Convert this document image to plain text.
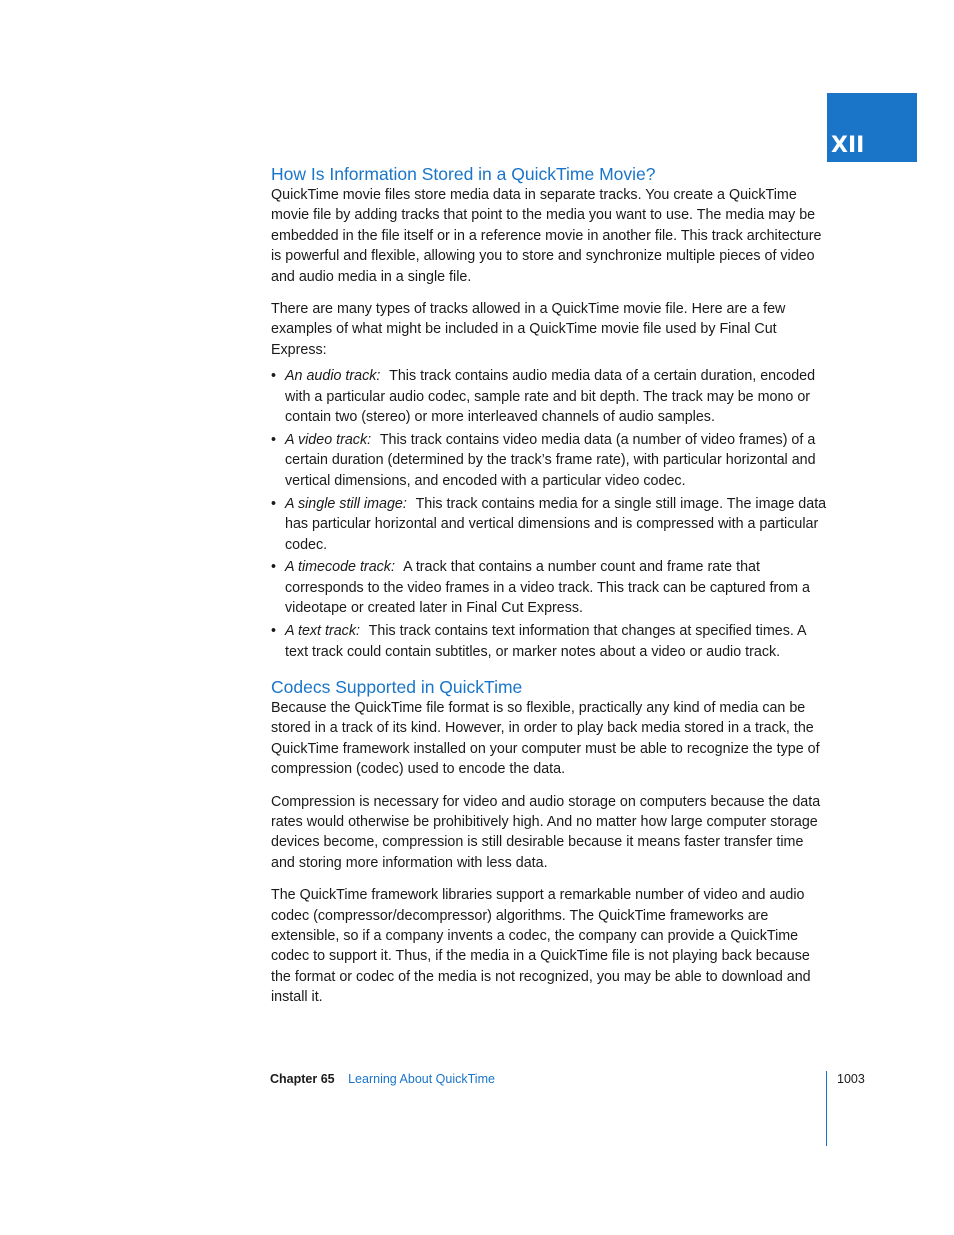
XII
How Is Information Stored in a QuickTime Movie?

QuickTime movie files store media data in separate tracks. You create a QuickTime movie file by adding tracks that point to the media you want to use. The media may be embedded in the file itself or in a reference movie in another file. This track architecture is powerful and flexible, allowing you to store and synchronize multiple pieces of video and audio media in a single file.

There are many types of tracks allowed in a QuickTime movie file. Here are a few examples of what might be included in a QuickTime movie file used by Final Cut Express:

• An audio track: This track contains audio media data of a certain duration, encoded with a particular audio codec, sample rate and bit depth. The track may be mono or contain two (stereo) or more interleaved channels of audio samples.
• A video track: This track contains video media data (a number of video frames) of a certain duration (determined by the track’s frame rate), with particular horizontal and vertical dimensions, and encoded with a particular video codec.
• A single still image: This track contains media for a single still image. The image data has particular horizontal and vertical dimensions and is compressed with a particular codec.
• A timecode track: A track that contains a number count and frame rate that corresponds to the video frames in a video track. This track can be captured from a videotape or created later in Final Cut Express.
• A text track: This track contains text information that changes at specified times. A text track could contain subtitles, or marker notes about a video or audio track.
Codecs Supported in QuickTime

Because the QuickTime file format is so flexible, practically any kind of media can be stored in a track of its kind. However, in order to play back media stored in a track, the QuickTime framework installed on your computer must be able to recognize the type of compression (codec) used to encode the data.

Compression is necessary for video and audio storage on computers because the data rates would otherwise be prohibitively high. And no matter how large computer storage devices become, compression is still desirable because it means faster transfer time and storing more information with less data.

The QuickTime framework libraries support a remarkable number of video and audio codec (compressor/decompressor) algorithms. The QuickTime frameworks are extensible, so if a company invents a codec, the company can provide a QuickTime codec to support it. Thus, if the media in a QuickTime file is not playing back because the format or codec of the media is not recognized, you may be able to download and install it.

Chapter 65 Learning About QuickTime	1003
